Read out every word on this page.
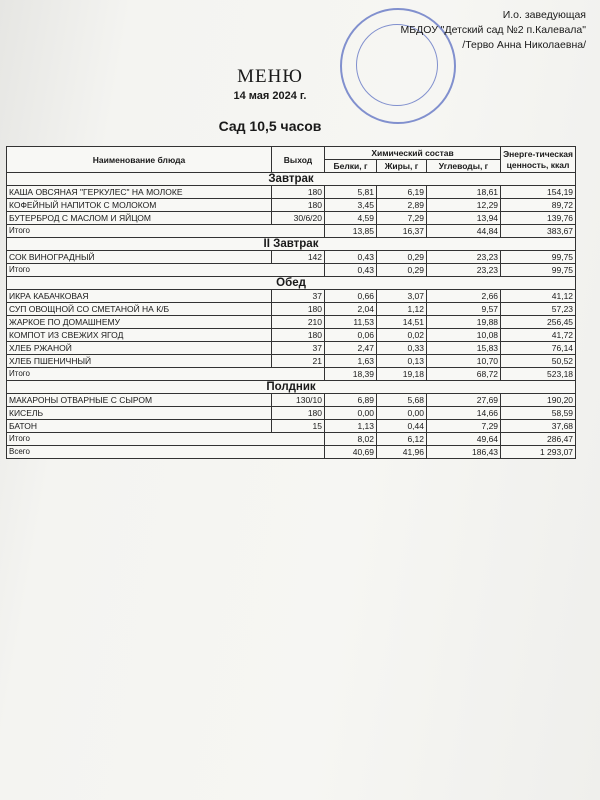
И.о. заведующая
МБДОУ "Детский сад №2 п.Калевала"
/Терво Анна Николаевна/
МЕНЮ
14 мая 2024 г.
Сад 10,5 часов
Наименование блюда	Выход	Химический состав			Энерге-тическая ценность, ккал
		Белки, г	Жиры, г	Углеводы, г	
Завтрак					
КАША ОВСЯНАЯ "ГЕРКУЛЕС" НА МОЛОКЕ	180	5,81	6,19	18,61	154,19
КОФЕЙНЫЙ НАПИТОК С МОЛОКОМ	180	3,45	2,89	12,29	89,72
БУТЕРБРОД С МАСЛОМ И ЯЙЦОМ	30/6/20	4,59	7,29	13,94	139,76
Итого		13,85	16,37	44,84	383,67
II Завтрак					
СОК ВИНОГРАДНЫЙ	142	0,43	0,29	23,23	99,75
Итого		0,43	0,29	23,23	99,75
Обед					
ИКРА КАБАЧКОВАЯ	37	0,66	3,07	2,66	41,12
СУП ОВОЩНОЙ СО СМЕТАНОЙ НА К/Б	180	2,04	1,12	9,57	57,23
ЖАРКОЕ ПО ДОМАШНЕМУ	210	11,53	14,51	19,88	256,45
КОМПОТ ИЗ СВЕЖИХ ЯГОД	180	0,06	0,02	10,08	41,72
ХЛЕБ РЖАНОЙ	37	2,47	0,33	15,83	76,14
ХЛЕБ ПШЕНИЧНЫЙ	21	1,63	0,13	10,70	50,52
Итого		18,39	19,18	68,72	523,18
Полдник					
МАКАРОНЫ ОТВАРНЫЕ С СЫРОМ	130/10	6,89	5,68	27,69	190,20
КИСЕЛЬ	180	0,00	0,00	14,66	58,59
БАТОН	15	1,13	0,44	7,29	37,68
Итого		8,02	6,12	49,64	286,47
Всего		40,69	41,96	186,43	1 293,07
